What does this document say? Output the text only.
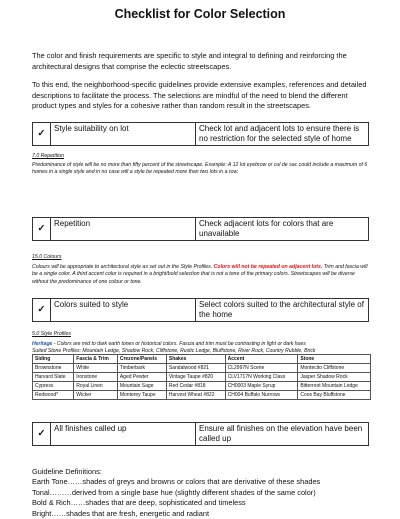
Checklist for Color Selection
The color and finish requirements are specific to style and integral to defining and reinforcing the architectural designs that comprise the eclectic streetscapes.
To this end, the neighborhood-specific guidelines provide extensive examples, references and detailed descriptions to facilitate the process. The selections are mindful of the need to blend the different product types and styles for a cohesive rather than random result in the streetscapes.
✓	Style suitability on lot	Check lot and adjacent lots to ensure there is no restriction for the selected style of home
7.0 Repetition
Predominance of style will be no more than fifty percent of the streetscape. Example: A 12 lot eyebrow or cul de sac could include a maximum of 6 homes in a single style and in no case will a style be repeated more than two lots in a row.
✓	Repetition	Check adjacent lots for colors that are unavailable
15.0 Colours
Colours will be appropriate to architectural style as set out in the Style Profiles. Colors will not be repeated on adjacent lots. Trim and fascia will be a single color. A third accent color is required in a bright/bold selection that is not a tone of the primary colors. Streetscapes will be diverse without the predominance of one colour or tone.
✓	Colors suited to style	Select colors suited to the architectural style of the home
5.0 Style Profiles
Heritage - Colors are mid to dark earth tones or historical colors. Fascia and trim must be contrasting in light or dark hues
Suited Stone Profiles: Mountain Ledge, Shadow Rock, Cliffstone, Rustic Ledge, Bluffstone, River Rock, Country Rubble, Brick
Siding	Fascia & Trim	Crezone/Panels	Shakes	Accent	Stone
Brownstone	White	Timberbark	Sandalwood #821	CL2997N Scene	Montecito Cliffstone
Harvard Slate	Ironstone	Aged Pewter	Vintage Taupe #820	CLV1717N Working Class	Jasper Shadow Rock
Cypress	Royal Linen	Mountain Sage	Red Cedar #818	CH0003 Maple Syrup	Bitterroot Mountain Ledge
Redwood*	Wicker	Monterey Taupe	Harvest Wheat #822	CH004 Buffalo Nurrows	Coos Bay Bluffstone
✓	All finishes called up	Ensure all finishes on the elevation have been called up
Guideline Definitions:
Earth Tone……shades of greys and browns or colors that are derivative of these shades
Tonal………derived from a single base hue (slightly different shades of the same color)
Bold & Rich……shades that are deep, sophisticated and timeless
Bright……shades that are fresh, energetic and radiant
